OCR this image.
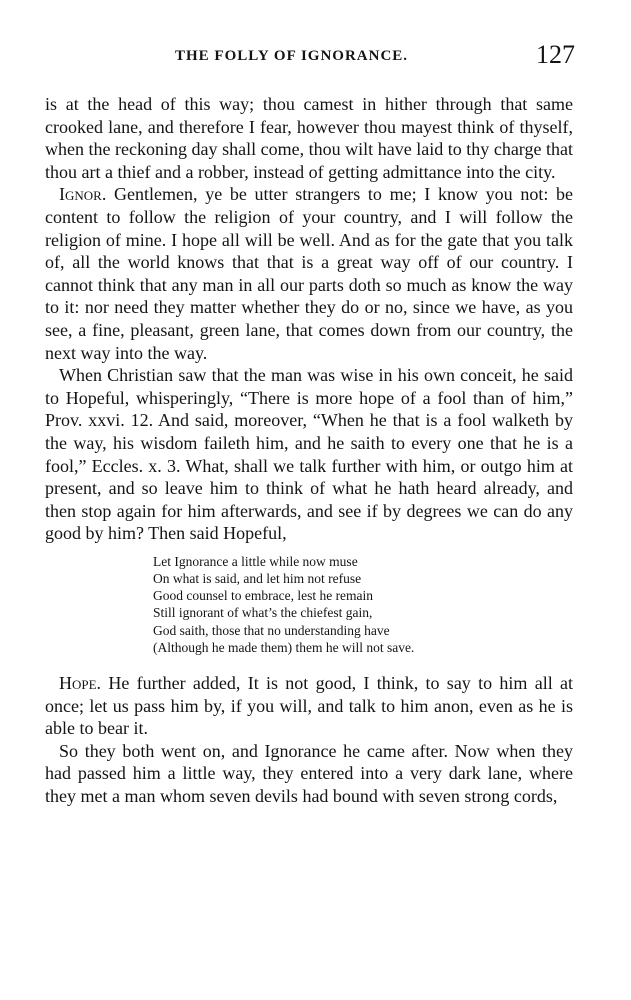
THE FOLLY OF IGNORANCE.	127

is at the head of this way; thou camest in hither through that same crooked lane, and therefore I fear, however thou mayest think of thyself, when the reckoning day shall come, thou wilt have laid to thy charge that thou art a thief and a robber, instead of getting admittance into the city.

Ignor. Gentlemen, ye be utter strangers to me; I know you not: be content to follow the religion of your country, and I will follow the religion of mine. I hope all will be well. And as for the gate that you talk of, all the world knows that that is a great way off of our country. I cannot think that any man in all our parts doth so much as know the way to it: nor need they matter whether they do or no, since we have, as you see, a fine, pleasant, green lane, that comes down from our country, the next way into the way.

When Christian saw that the man was wise in his own conceit, he said to Hopeful, whisperingly, “There is more hope of a fool than of him,” Prov. xxvi. 12. And said, moreover, “When he that is a fool walketh by the way, his wisdom faileth him, and he saith to every one that he is a fool,” Eccles. x. 3. What, shall we talk further with him, or outgo him at present, and so leave him to think of what he hath heard already, and then stop again for him afterwards, and see if by degrees we can do any good by him? Then said Hopeful,

Let Ignorance a little while now muse
On what is said, and let him not refuse
Good counsel to embrace, lest he remain
Still ignorant of what’s the chiefest gain,
God saith, those that no understanding have
(Although he made them) them he will not save.

Hope. He further added, It is not good, I think, to say to him all at once; let us pass him by, if you will, and talk to him anon, even as he is able to bear it.

So they both went on, and Ignorance he came after. Now when they had passed him a little way, they entered into a very dark lane, where they met a man whom seven devils had bound with seven strong cords,
